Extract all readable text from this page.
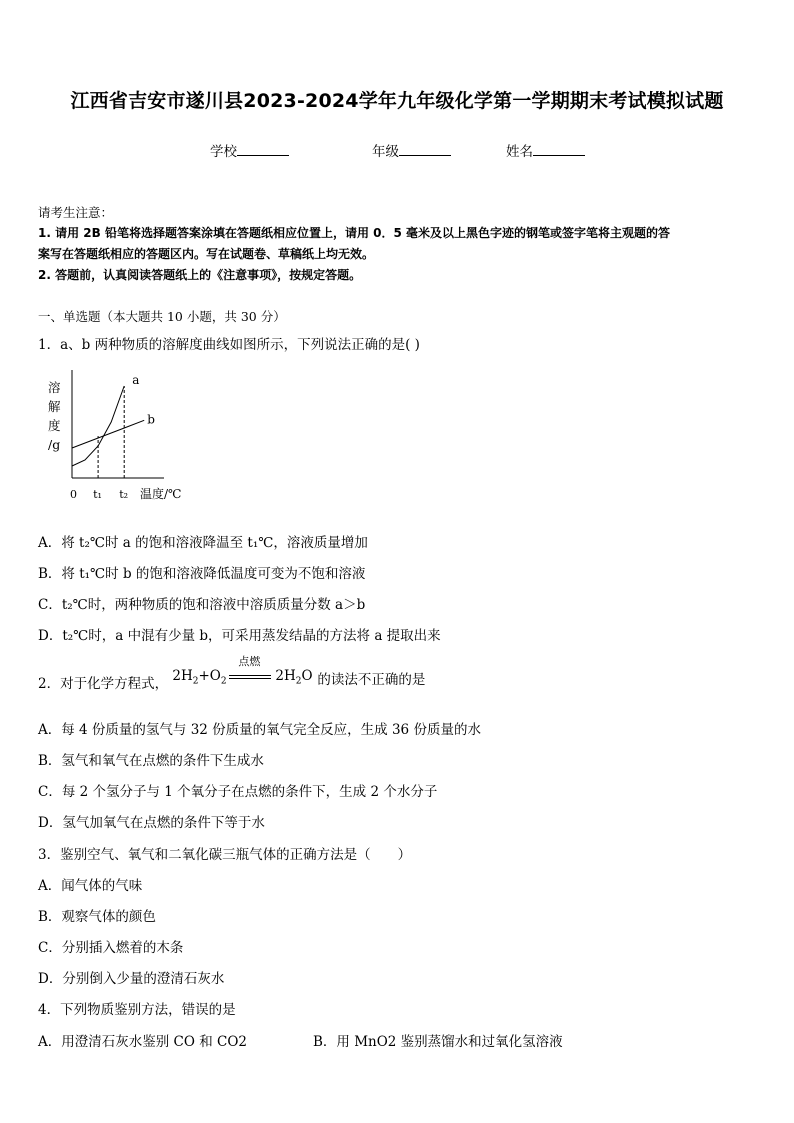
江西省吉安市遂川县2023-2024学年九年级化学第一学期期末考试模拟试题
学校	年级	姓名
请考生注意：
1. 请用 2B 铅笔将选择题答案涂填在答题纸相应位置上，请用 0．5 毫米及以上黑色字迹的钢笔或签字笔将主观题的答
案写在答题纸相应的答题区内。写在试题卷、草稿纸上均无效。
2. 答题前，认真阅读答题纸上的《注意事项》，按规定答题。
一、单选题（本大题共 10 小题，共 30 分）
1．a、b 两种物质的溶解度曲线如图所示，下列说法正确的是( )
溶
解
度
/g
0	温度/℃
t₁ t₂
a
b
A．将 t₂℃时 a 的饱和溶液降温至 t₁℃，溶液质量增加
B．将 t₁℃时 b 的饱和溶液降低温度可变为不饱和溶液
C．t₂℃时，两种物质的饱和溶液中溶质质量分数 a＞b
D．t₂℃时，a 中混有少量 b，可采用蒸发结晶的方法将 a 提取出来
2．对于化学方程式， $2H_2+O_2$
点燃
$2H_2O$ 的读法不正确的是
A．每 4 份质量的氢气与 32 份质量的氧气完全反应，生成 36 份质量的水
B．氢气和氧气在点燃的条件下生成水
C．每 2 个氢分子与 1 个氧分子在点燃的条件下，生成 2 个水分子
D．氢气加氧气在点燃的条件下等于水
3．鉴别空气、氧气和二氧化碳三瓶气体的正确方法是（　　）
A．闻气体的气味
B．观察气体的颜色
C．分别插入燃着的木条
D．分别倒入少量的澄清石灰水
4．下列物质鉴别方法，错误的是
A．用澄清石灰水鉴别 CO 和 CO2	B．用 MnO2 鉴别蒸馏水和过氧化氢溶液
